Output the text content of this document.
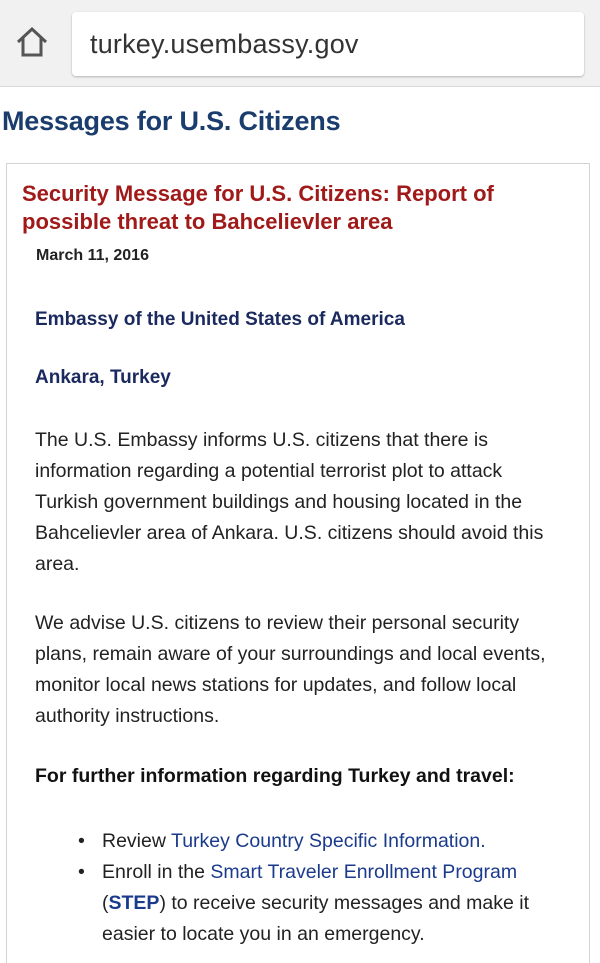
turkey.usembassy.gov
Messages for U.S. Citizens
Security Message for U.S. Citizens: Report of possible threat to Bahcelievler area
March 11, 2016
Embassy of the United States of America
Ankara, Turkey
The U.S. Embassy informs U.S. citizens that there is information regarding a potential terrorist plot to attack Turkish government buildings and housing located in the Bahcelievler area of Ankara. U.S. citizens should avoid this area.
We advise U.S. citizens to review their personal security plans, remain aware of your surroundings and local events, monitor local news stations for updates, and follow local authority instructions.
For further information regarding Turkey and travel:
• Review Turkey Country Specific Information.
• Enroll in the Smart Traveler Enrollment Program (STEP) to receive security messages and make it easier to locate you in an emergency.
